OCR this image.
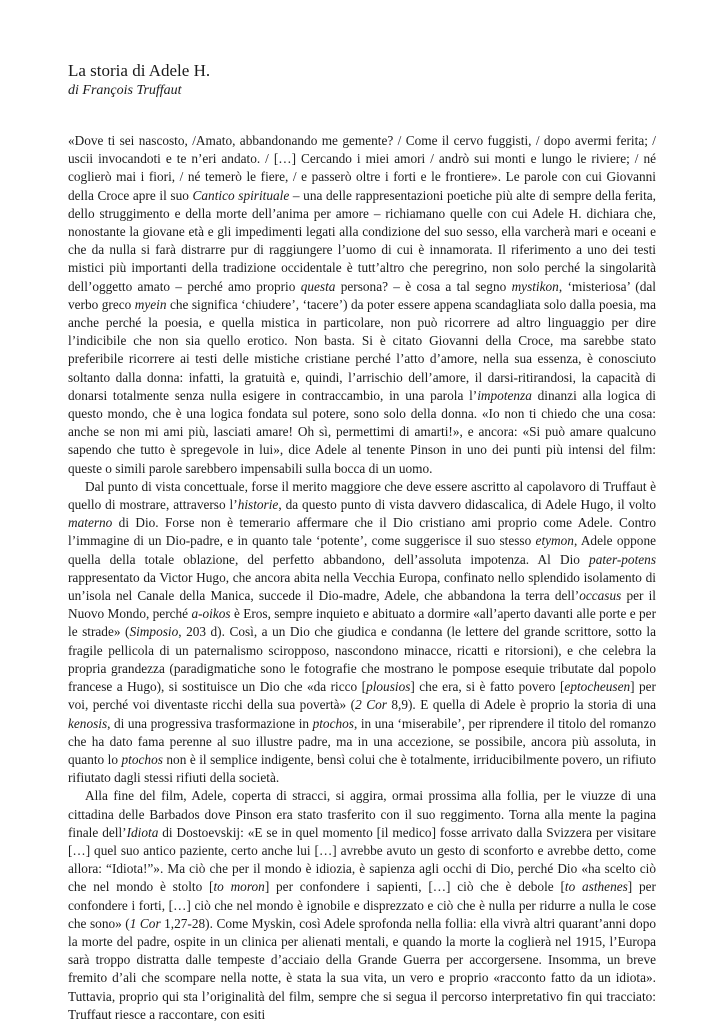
La storia di Adele H.
di François Truffaut

«Dove ti sei nascosto, /Amato, abbandonando me gemente? / Come il cervo fuggisti, / dopo avermi ferita; / uscii invocandoti e te n’eri andato. / […] Cercando i miei amori / andrò sui monti e lungo le riviere; / né coglierò mai i fiori, / né temerò le fiere, / e passerò oltre i forti e le frontiere». Le parole con cui Giovanni della Croce apre il suo Cantico spirituale – una delle rappresentazioni poetiche più alte di sempre della ferita, dello struggimento e della morte dell’anima per amore – richiamano quelle con cui Adele H. dichiara che, nonostante la giovane età e gli impedimenti legati alla condizione del suo sesso, ella varcherà mari e oceani e che da nulla si farà distrarre pur di raggiungere l’uomo di cui è innamorata. Il riferimento a uno dei testi mistici più importanti della tradizione occidentale è tutt’altro che peregrino, non solo perché la singolarità dell’oggetto amato – perché amo proprio questa persona? – è cosa a tal segno mystikon, ‘misteriosa’ (dal verbo greco myein che significa ‘chiudere’, ‘tacere’) da poter essere appena scandagliata solo dalla poesia, ma anche perché la poesia, e quella mistica in particolare, non può ricorrere ad altro linguaggio per dire l’indicibile che non sia quello erotico. Non basta. Si è citato Giovanni della Croce, ma sarebbe stato preferibile ricorrere ai testi delle mistiche cristiane perché l’atto d’amore, nella sua essenza, è conosciuto soltanto dalla donna: infatti, la gratuità e, quindi, l’arrischio dell’amore, il darsi-ritirandosi, la capacità di donarsi totalmente senza nulla esigere in contraccambio, in una parola l’impotenza dinanzi alla logica di questo mondo, che è una logica fondata sul potere, sono solo della donna. «Io non ti chiedo che una cosa: anche se non mi ami più, lasciati amare! Oh sì, permettimi di amarti!», e ancora: «Si può amare qualcuno sapendo che tutto è spregevole in lui», dice Adele al tenente Pinson in uno dei punti più intensi del film: queste o simili parole sarebbero impensabili sulla bocca di un uomo.

Dal punto di vista concettuale, forse il merito maggiore che deve essere ascritto al capolavoro di Truffaut è quello di mostrare, attraverso l’historie, da questo punto di vista davvero didascalica, di Adele Hugo, il volto materno di Dio. Forse non è temerario affermare che il Dio cristiano ami proprio come Adele. Contro l’immagine di un Dio-padre, e in quanto tale ‘potente’, come suggerisce il suo stesso etymon, Adele oppone quella della totale oblazione, del perfetto abbandono, dell’assoluta impotenza. Al Dio pater-potens rappresentato da Victor Hugo, che ancora abita nella Vecchia Europa, confinato nello splendido isolamento di un’isola nel Canale della Manica, succede il Dio-madre, Adele, che abbandona la terra dell’occasus per il Nuovo Mondo, perché a-oikos è Eros, sempre inquieto e abituato a dormire «all’aperto davanti alle porte e per le strade» (Simposio, 203 d). Così, a un Dio che giudica e condanna (le lettere del grande scrittore, sotto la fragile pellicola di un paternalismo sciropposo, nascondono minacce, ricatti e ritorsioni), e che celebra la propria grandezza (paradigmatiche sono le fotografie che mostrano le pompose esequie tributate dal popolo francese a Hugo), si sostituisce un Dio che «da ricco [plousios] che era, si è fatto povero [eptocheusen] per voi, perché voi diventaste ricchi della sua povertà» (2 Cor 8,9). E quella di Adele è proprio la storia di una kenosis, di una progressiva trasformazione in ptochos, in una ‘miserabile’, per riprendere il titolo del romanzo che ha dato fama perenne al suo illustre padre, ma in una accezione, se possibile, ancora più assoluta, in quanto lo ptochos non è il semplice indigente, bensì colui che è totalmente, irriducibilmente povero, un rifiuto rifiutato dagli stessi rifiuti della società.

Alla fine del film, Adele, coperta di stracci, si aggira, ormai prossima alla follia, per le viuzze di una cittadina delle Barbados dove Pinson era stato trasferito con il suo reggimento. Torna alla mente la pagina finale dell’Idiota di Dostoevskij: «E se in quel momento [il medico] fosse arrivato dalla Svizzera per visitare […] quel suo antico paziente, certo anche lui […] avrebbe avuto un gesto di sconforto e avrebbe detto, come allora: “Idiota!”». Ma ciò che per il mondo è idiozia, è sapienza agli occhi di Dio, perché Dio «ha scelto ciò che nel mondo è stolto [to moron] per confondere i sapienti, […] ciò che è debole [to asthenes] per confondere i forti, […] ciò che nel mondo è ignobile e disprezzato e ciò che è nulla per ridurre a nulla le cose che sono» (1 Cor 1,27-28). Come Myskin, così Adele sprofonda nella follia: ella vivrà altri quarant’anni dopo la morte del padre, ospite in un clinica per alienati mentali, e quando la morte la coglierà nel 1915, l’Europa sarà troppo distratta dalle tempeste d’acciaio della Grande Guerra per accorgersene. Insomma, un breve fremito d’ali che scompare nella notte, è stata la sua vita, un vero e proprio «racconto fatto da un idiota». Tuttavia, proprio qui sta l’originalità del film, sempre che si segua il percorso interpretativo fin qui tracciato: Truffaut riesce a raccontare, con esiti
